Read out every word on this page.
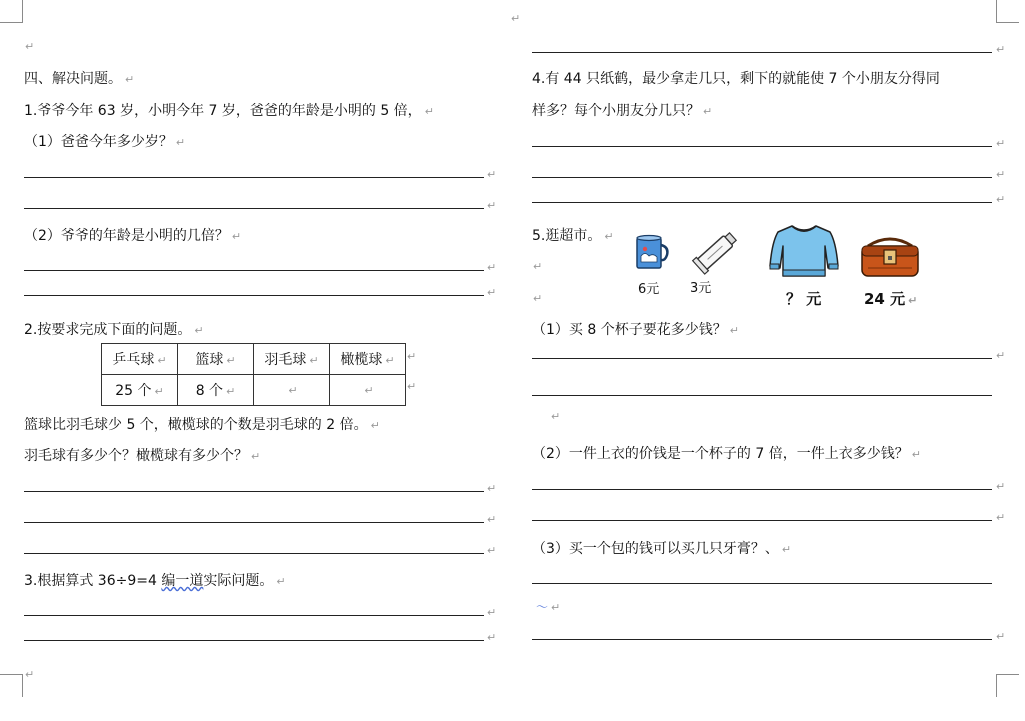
↵
↵
↵
四、解决问题。 ↵
1.爷爷今年 63 岁，小明今年 7 岁，爸爸的年龄是小明的 5 倍， ↵
（1）爸爸今年多少岁？ ↵
↵
↵
（2）爷爷的年龄是小明的几倍？ ↵
↵
↵
2.按要求完成下面的问题。 ↵
乒乓球 ↵	篮球 ↵	羽毛球 ↵	橄榄球 ↵
25 个 ↵	8 个 ↵	↵	↵
↵
↵
篮球比羽毛球少 5 个，橄榄球的个数是羽毛球的 2 倍。 ↵
羽毛球有多少个？橄榄球有多少个？ ↵
↵
↵
↵
3.根据算式 36÷9=4 编一道实际问题。 ↵
↵
↵
↵
4.有 44 只纸鹤，最少拿走几只，剩下的就能使 7 个小朋友分得同
样多？每个小朋友分几只？ ↵
↵
↵
↵
5.逛超市。 ↵
↵
↵
6元 3元
？ 元	24 元 ↵
（1）买 8 个杯子要花多少钱？ ↵
↵
↵
（2）一件上衣的价钱是一个杯子的 7 倍，一件上衣多少钱？ ↵
↵
↵
（3）买一个包的钱可以买几只牙膏？、 ↵
〜 ↵
↵
